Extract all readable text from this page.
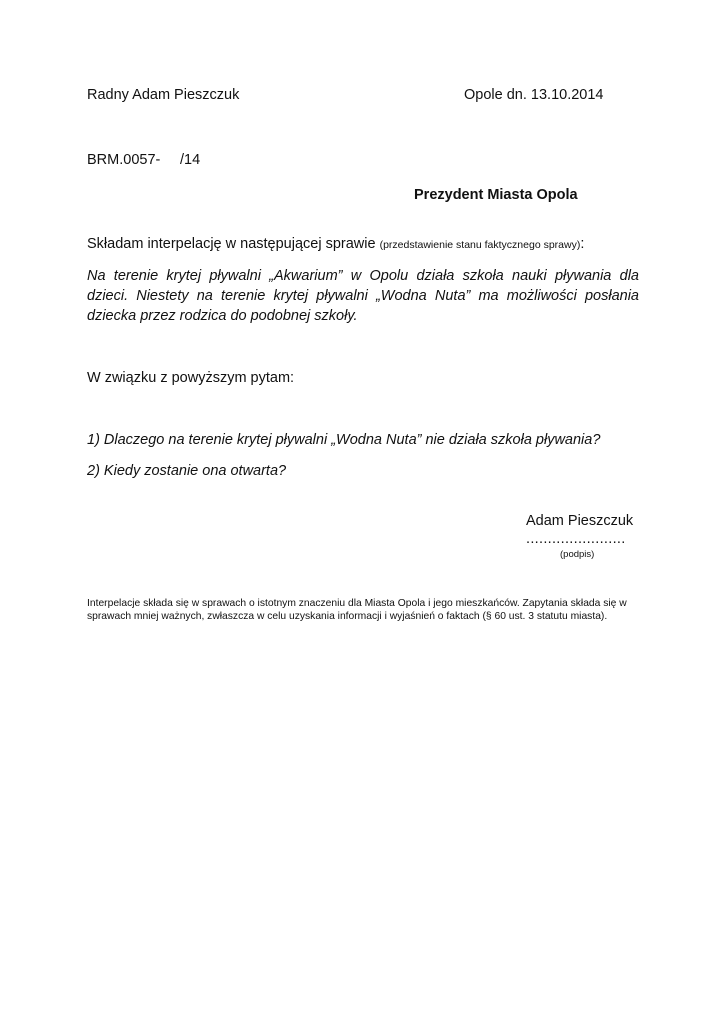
Radny Adam Pieszczuk	Opole dn. 13.10.2014
BRM.0057- /14
Prezydent Miasta Opola
Składam interpelację w następującej sprawie (przedstawienie stanu faktycznego sprawy):
Na terenie krytej pływalni „Akwarium” w Opolu działa szkoła nauki pływania dla
dzieci. Niestety na terenie krytej pływalni „Wodna Nuta” ma możliwości posłania
dziecka przez rodzica do podobnej szkoły.
W związku z powyższym pytam:
1) Dlaczego na terenie krytej pływalni „Wodna Nuta” nie działa szkoła pływania?
2) Kiedy zostanie ona otwarta?
Adam Pieszczuk
.......................
(podpis)
Interpelacje składa się w sprawach o istotnym znaczeniu dla Miasta Opola i jego mieszkańców. Zapytania składa się w sprawach mniej ważnych, zwłaszcza w celu uzyskania informacji i wyjaśnień o faktach (§ 60 ust. 3 statutu miasta).
